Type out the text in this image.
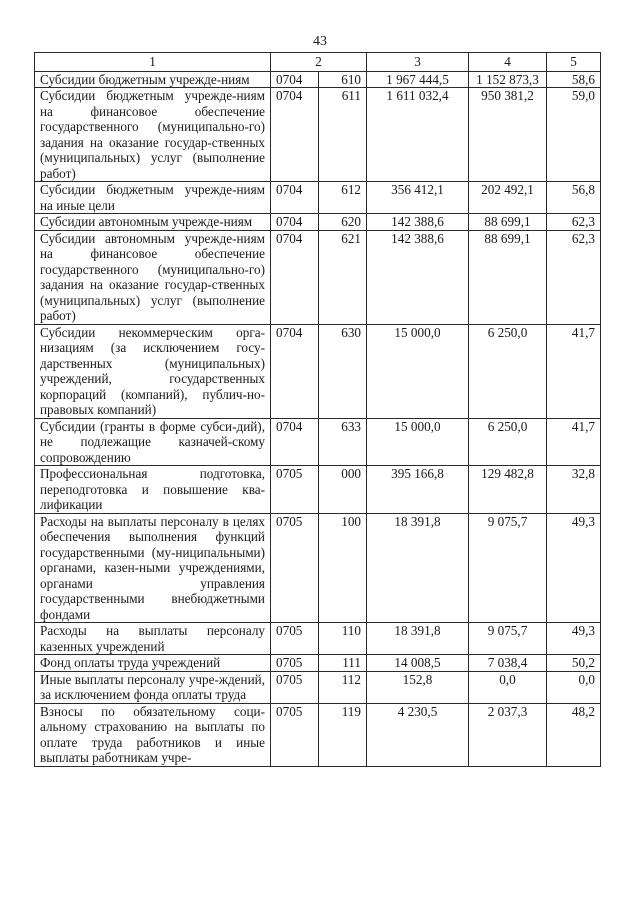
43
1	2		3	4	5
Субсидии бюджетным учрежде-ниям	0704	610	1 967 444,5	1 152 873,3	58,6
Субсидии бюджетным учрежде-ниям на финансовое обеспечение государственного (муниципально-го) задания на оказание государ-ственных (муниципальных) услуг (выполнение работ)	0704	611	1 611 032,4	950 381,2	59,0
Субсидии бюджетным учрежде-ниям на иные цели	0704	612	356 412,1	202 492,1	56,8
Субсидии автономным учрежде-ниям	0704	620	142 388,6	88 699,1	62,3
Субсидии автономным учрежде-ниям на финансовое обеспечение государственного (муниципально-го) задания на оказание государ-ственных (муниципальных) услуг (выполнение работ)	0704	621	142 388,6	88 699,1	62,3
Субсидии некоммерческим орга-низациям (за исключением госу-дарственных (муниципальных) учреждений, государственных корпораций (компаний), публич-но-правовых компаний)	0704	630	15 000,0	6 250,0	41,7
Субсидии (гранты в форме субси-дий), не подлежащие казначей-скому сопровождению	0704	633	15 000,0	6 250,0	41,7
Профессиональная подготовка, переподготовка и повышение ква-лификации	0705	000	395 166,8	129 482,8	32,8
Расходы на выплаты персоналу в целях обеспечения выполнения функций государственными (му-ниципальными) органами, казен-ными учреждениями, органами управления государственными внебюджетными фондами	0705	100	18 391,8	9 075,7	49,3
Расходы на выплаты персоналу казенных учреждений	0705	110	18 391,8	9 075,7	49,3
Фонд оплаты труда учреждений	0705	111	14 008,5	7 038,4	50,2
Иные выплаты персоналу учре-ждений, за исключением фонда оплаты труда	0705	112	152,8	0,0	0,0
Взносы по обязательному соци-альному страхованию на выплаты по оплате труда работников и иные выплаты работникам учре-	0705	119	4 230,5	2 037,3	48,2
